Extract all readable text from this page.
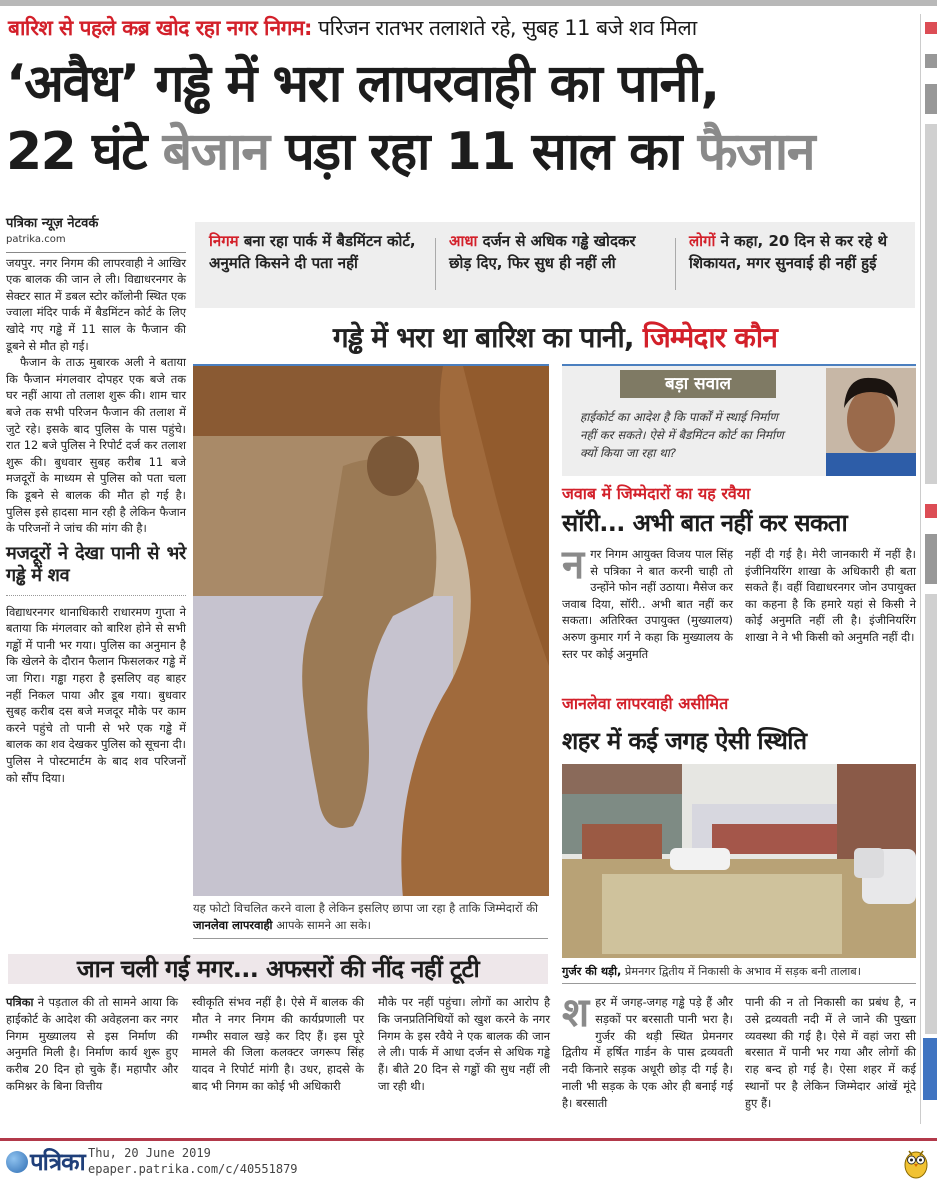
बारिश से पहले कब्र खोद रहा नगर निगम: परिजन रातभर तलाशते रहे, सुबह 11 बजे शव मिला
‘अवैध’ गड्ढे में भरा लापरवाही का पानी,
22 घंटे बेजान पड़ा रहा 11 साल का फैजान
पत्रिका न्यूज़ नेटवर्क
patrika.com

जयपुर. नगर निगम की लापरवाही ने आखिर एक बालक की जान ले ली। विद्याधरनगर के सेक्टर सात में डबल स्टोर कॉलोनी स्थित एक ज्वाला मंदिर पार्क में बैडमिंटन कोर्ट के लिए खोदे गए गड्ढे में 11 साल के फैजान की डूबने से मौत हो गई।

फैजान के ताऊ मुबारक अली ने बताया कि फैजान मंगलवार दोपहर एक बजे तक घर नहीं आया तो तलाश शुरू की। शाम चार बजे तक सभी परिजन फैजान की तलाश में जुटे रहे। इसके बाद पुलिस के पास पहुंचे। रात 12 बजे पुलिस ने रिपोर्ट दर्ज कर तलाश शुरू की। बुधवार सुबह करीब 11 बजे मजदूरों के माध्यम से पुलिस को पता चला कि डूबने से बालक की मौत हो गई है। पुलिस इसे हादसा मान रही है लेकिन फैजान के परिजनों ने जांच की मांग की है।

मजदूरों ने देखा पानी से भरे गड्ढे में शव

विद्याधरनगर थानाधिकारी राधारमण गुप्ता ने बताया कि मंगलवार को बारिश होने से सभी गड्ढों में पानी भर गया। पुलिस का अनुमान है कि खेलने के दौरान फैलान फिसलकर गड्ढे में जा गिरा। गड्ढा गहरा है इसलिए वह बाहर नहीं निकल पाया और डूब गया। बुधवार सुबह करीब दस बजे मजदूर मौके पर काम करने पहुंचे तो पानी से भरे एक गड्ढे में बालक का शव देखकर पुलिस को सूचना दी। पुलिस ने पोस्टमार्टम के बाद शव परिजनों को सौंप दिया।

निगम बना रहा पार्क में बैडमिंटन कोर्ट, अनुमति किसने दी पता नहीं
आधा दर्जन से अधिक गड्ढे खोदकर छोड़ दिए, फिर सुध ही नहीं ली
लोगों ने कहा, 20 दिन से कर रहे थे शिकायत, मगर सुनवाई ही नहीं हुई
गड्ढे में भरा था बारिश का पानी, जिम्मेदार कौन
यह फोटो विचलित करने वाला है लेकिन इसलिए छापा जा रहा है ताकि जिम्मेदारों की जानलेवा लापरवाही आपके सामने आ सके।
बड़ा सवाल
हाईकोर्ट का आदेश है कि पार्कों में स्थाई निर्माण नहीं कर सकते। ऐसे में बैडमिंटन कोर्ट का निर्माण क्यों किया जा रहा था?
जवाब में जिम्मेदारों का यह रवैया
सॉरी... अभी बात नहीं कर सकता
न गर निगम आयुक्त विजय पाल सिंह से पत्रिका ने बात करनी चाही तो उन्होंने फोन नहीं उठाया। मैसेज कर जवाब दिया, सॉरी.. अभी बात नहीं कर सकता। अतिरिक्त उपायुक्त (मुख्यालय) अरुण कुमार गर्ग ने कहा कि मुख्यालय के स्तर पर कोई अनुमति
नहीं दी गई है। मेरी जानकारी में नहीं है। इंजीनियरिंग शाखा के अधिकारी ही बता सकते हैं। वहीं विद्याधरनगर जोन उपायुक्त का कहना है कि हमारे यहां से किसी ने कोई अनुमति नहीं ली है। इंजीनियरिंग शाखा ने ने भी किसी को अनुमति नहीं दी।
जानलेवा लापरवाही असीमित
शहर में कई जगह ऐसी स्थिति
गुर्जर की थड़ी, प्रेमनगर द्वितीय में निकासी के अभाव में सड़क बनी तालाब।
जान चली गई मगर... अफसरों की नींद नहीं टूटी
पत्रिका ने पड़ताल की तो सामने आया कि हाईकोर्ट के आदेश की अवेहलना कर नगर निगम मुख्यालय से इस निर्माण की अनुमति मिली है। निर्माण कार्य शुरू हुए करीब 20 दिन हो चुके हैं। महापौर और कमिश्नर के बिना वित्तीय
स्वीकृति संभव नहीं है। ऐसे में बालक की मौत ने नगर निगम की कार्यप्रणाली पर गम्भीर सवाल खड़े कर दिए हैं। इस पूरे मामले की जिला कलक्टर जगरूप सिंह यादव ने रिपोर्ट मांगी है। उधर, हादसे के बाद भी निगम का कोई भी अधिकारी
मौके पर नहीं पहुंचा। लोगों का आरोप है कि जनप्रतिनिधियों को खुश करने के नगर निगम के इस रवैये ने एक बालक की जान ले ली। पार्क में आधा दर्जन से अधिक गड्ढे हैं। बीते 20 दिन से गड्ढों की सुध नहीं ली जा रही थी।
श हर में जगह-जगह गड्ढे पड़े हैं और सड़कों पर बरसाती पानी भरा है। गुर्जर की थड़ी स्थित प्रेमनगर द्वितीय में हर्षित गार्डन के पास द्रव्यवती नदी किनारे सड़क अधूरी छोड़ दी गई है। नाली भी सड़क के एक ओर ही बनाई गई है। बरसाती
पानी की न तो निकासी का प्रबंध है, न उसे द्रव्यवती नदी में ले जाने की पुख्ता व्यवस्था की गई है। ऐसे में वहां जरा सी बरसात में पानी भर गया और लोगों की राह बन्द हो गई है। ऐसा शहर में कई स्थानों पर है लेकिन जिम्मेदार आंखें मूंदे हुए हैं।
पत्रिका Thu, 20 June 2019
epaper.patrika.com/c/40551879
